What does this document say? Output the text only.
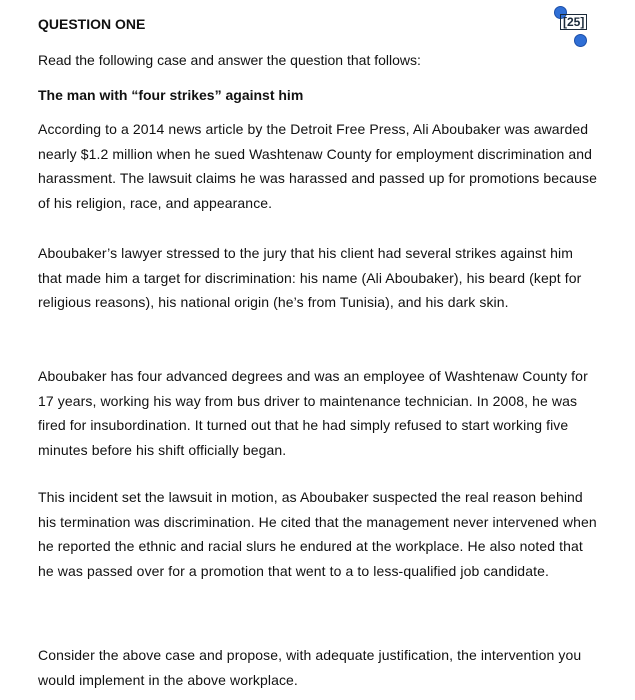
QUESTION ONE	[25]

Read the following case and answer the question that follows:

The man with “four strikes” against him

According to a 2014 news article by the Detroit Free Press, Ali Aboubaker was awarded nearly $1.2 million when he sued Washtenaw County for employment discrimination and harassment. The lawsuit claims he was harassed and passed up for promotions because of his religion, race, and appearance.

Aboubaker’s lawyer stressed to the jury that his client had several strikes against him that made him a target for discrimination: his name (Ali Aboubaker), his beard (kept for religious reasons), his national origin (he’s from Tunisia), and his dark skin.

Aboubaker has four advanced degrees and was an employee of Washtenaw County for 17 years, working his way from bus driver to maintenance technician. In 2008, he was fired for insubordination. It turned out that he had simply refused to start working five minutes before his shift officially began.

This incident set the lawsuit in motion, as Aboubaker suspected the real reason behind his termination was discrimination. He cited that the management never intervened when he reported the ethnic and racial slurs he endured at the workplace. He also noted that he was passed over for a promotion that went to a to less-qualified job candidate.

Consider the above case and propose, with adequate justification, the intervention you would implement in the above workplace.
